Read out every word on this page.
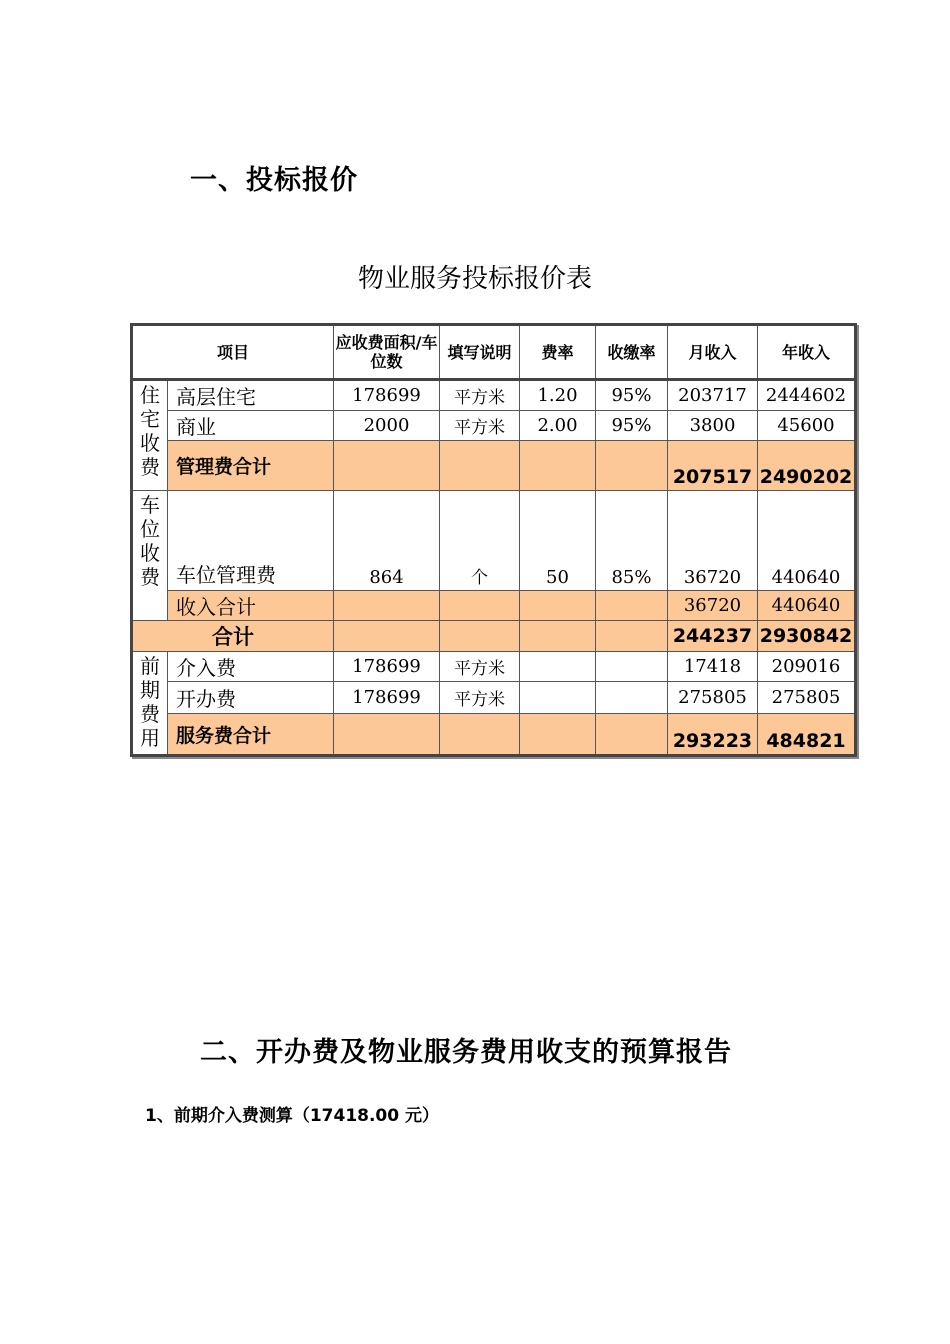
一、投标报价
物业服务投标报价表
项目		应收费面积/车位数	填写说明	费率	收缴率	月收入	年收入
住宅收费	高层住宅	178699	平方米	1.20	95%	203717	2444602
	商业	2000	平方米	2.00	95%	3800	45600
	管理费合计					207517	2490202
车位收费	车位管理费	864	个	50	85%	36720	440640
	收入合计					36720	440640
合计						244237	2930842
前期费用	介入费	178699	平方米			17418	209016
	开办费	178699	平方米			275805	275805
	服务费合计					293223	484821
二、开办费及物业服务费用收支的预算报告
1、前期介入费测算（17418.00 元）
